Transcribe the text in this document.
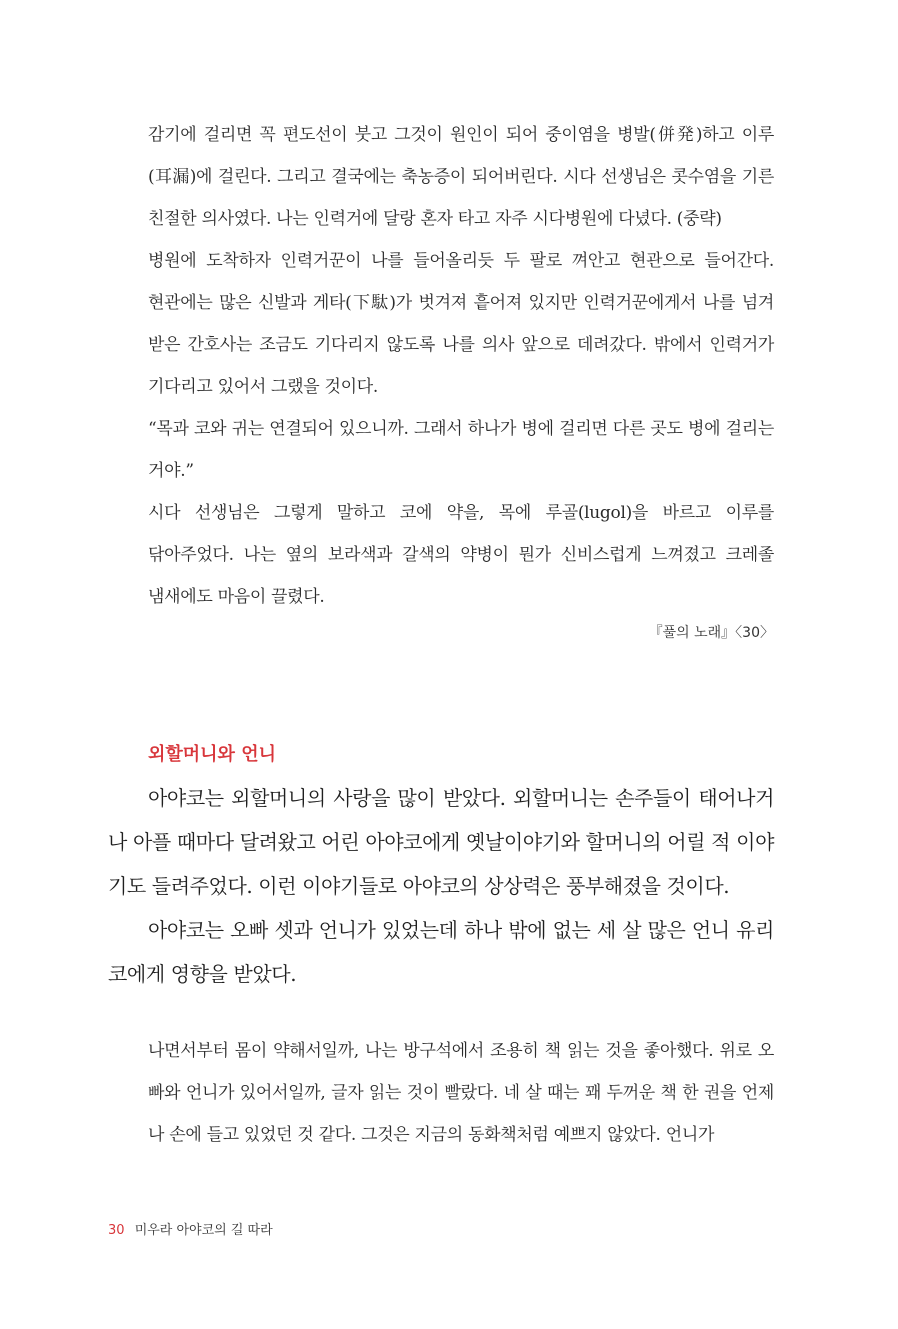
감기에 걸리면 꼭 편도선이 붓고 그것이 원인이 되어 중이염을 병발(併発)하고 이루(耳漏)에 걸린다. 그리고 결국에는 축농증이 되어버린다. 시다 선생님은 콧수염을 기른 친절한 의사였다. 나는 인력거에 달랑 혼자 타고 자주 시다병원에 다녔다. (중략)

병원에 도착하자 인력거꾼이 나를 들어올리듯 두 팔로 껴안고 현관으로 들어간다. 현관에는 많은 신발과 게타(下駄)가 벗겨져 흩어져 있지만 인력거꾼에게서 나를 넘겨 받은 간호사는 조금도 기다리지 않도록 나를 의사 앞으로 데려갔다. 밖에서 인력거가 기다리고 있어서 그랬을 것이다.

“목과 코와 귀는 연결되어 있으니까. 그래서 하나가 병에 걸리면 다른 곳도 병에 걸리는 거야.”

시다 선생님은 그렇게 말하고 코에 약을, 목에 루골(lugol)을 바르고 이루를 닦아주었다. 나는 옆의 보라색과 갈색의 약병이 뭔가 신비스럽게 느껴졌고 크레졸 냄새에도 마음이 끌렸다.

『풀의 노래』〈30〉
외할머니와 언니

아야코는 외할머니의 사랑을 많이 받았다. 외할머니는 손주들이 태어나거나 아플 때마다 달려왔고 어린 아야코에게 옛날이야기와 할머니의 어릴 적 이야기도 들려주었다. 이런 이야기들로 아야코의 상상력은 풍부해졌을 것이다.

아야코는 오빠 셋과 언니가 있었는데 하나 밖에 없는 세 살 많은 언니 유리코에게 영향을 받았다.

나면서부터 몸이 약해서일까, 나는 방구석에서 조용히 책 읽는 것을 좋아했다. 위로 오빠와 언니가 있어서일까, 글자 읽는 것이 빨랐다. 네 살 때는 꽤 두꺼운 책 한 권을 언제나 손에 들고 있었던 것 같다. 그것은 지금의 동화책처럼 예쁘지 않았다. 언니가

30 미우라 아야코의 길 따라
